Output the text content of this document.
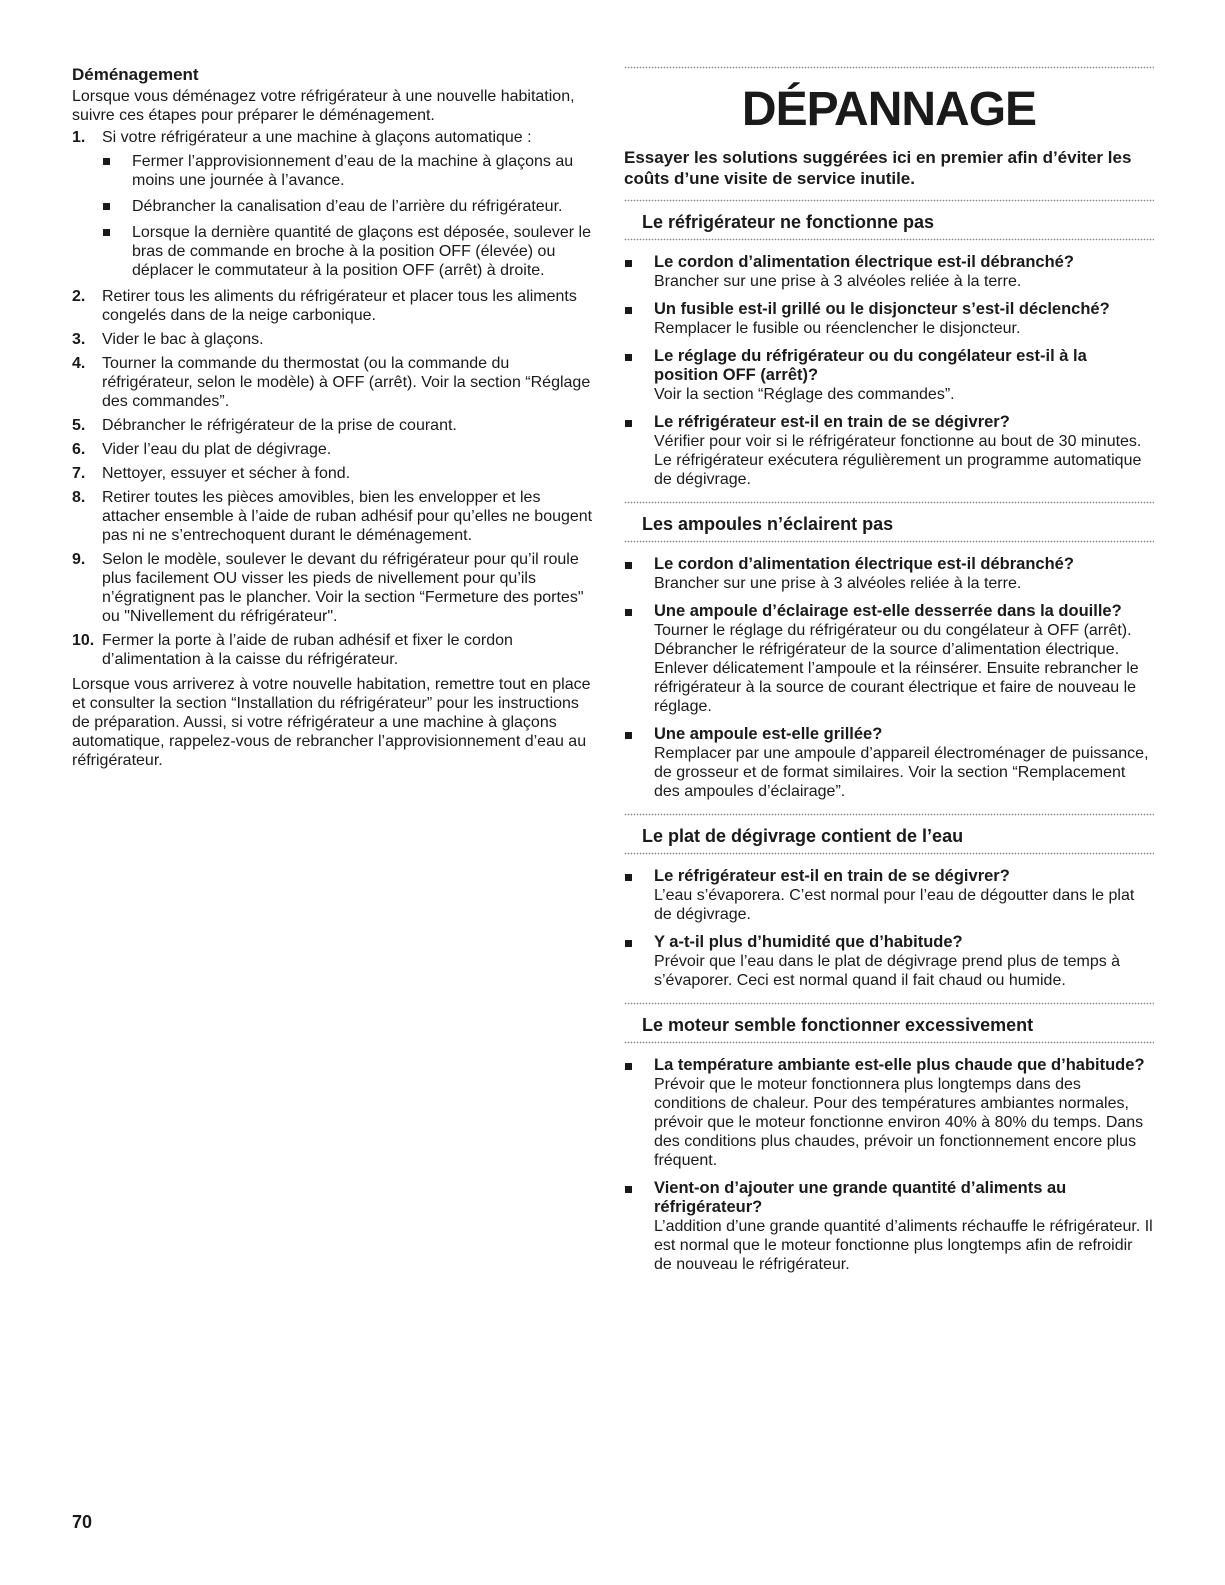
Déménagement

Lorsque vous déménagez votre réfrigérateur à une nouvelle habitation, suivre ces étapes pour préparer le déménagement.

1. Si votre réfrigérateur a une machine à glaçons automatique :
Fermer l’approvisionnement d’eau de la machine à glaçons au moins une journée à l’avance.
Débrancher la canalisation d’eau de l’arrière du réfrigérateur.
Lorsque la dernière quantité de glaçons est déposée, soulever le bras de commande en broche à la position OFF (élevée) ou déplacer le commutateur à la position OFF (arrêt) à droite.
2. Retirer tous les aliments du réfrigérateur et placer tous les aliments congelés dans de la neige carbonique.
3. Vider le bac à glaçons.
4. Tourner la commande du thermostat (ou la commande du réfrigérateur, selon le modèle) à OFF (arrêt). Voir la section “Réglage des commandes”.
5. Débrancher le réfrigérateur de la prise de courant.
6. Vider l’eau du plat de dégivrage.
7. Nettoyer, essuyer et sécher à fond.
8. Retirer toutes les pièces amovibles, bien les envelopper et les attacher ensemble à l’aide de ruban adhésif pour qu’elles ne bougent pas ni ne s’entrechoquent durant le déménagement.
9. Selon le modèle, soulever le devant du réfrigérateur pour qu’il roule plus facilement OU visser les pieds de nivellement pour qu’ils n’égratignent pas le plancher. Voir la section “Fermeture des portes" ou "Nivellement du réfrigérateur".
10. Fermer la porte à l’aide de ruban adhésif et fixer le cordon d’alimentation à la caisse du réfrigérateur.

Lorsque vous arriverez à votre nouvelle habitation, remettre tout en place et consulter la section “Installation du réfrigérateur” pour les instructions de préparation. Aussi, si votre réfrigérateur a une machine à glaçons automatique, rappelez-vous de rebrancher l’approvisionnement d’eau au réfrigérateur.

DÉPANNAGE

Essayer les solutions suggérées ici en premier afin d’éviter les coûts d’une visite de service inutile.

Le réfrigérateur ne fonctionne pas
Le cordon d’alimentation électrique est-il débranché?
Brancher sur une prise à 3 alvéoles reliée à la terre.
Un fusible est-il grillé ou le disjoncteur s’est-il déclenché?
Remplacer le fusible ou réenclencher le disjoncteur.
Le réglage du réfrigérateur ou du congélateur est-il à la position OFF (arrêt)?
Voir la section “Réglage des commandes”.
Le réfrigérateur est-il en train de se dégivrer?
Vérifier pour voir si le réfrigérateur fonctionne au bout de 30 minutes. Le réfrigérateur exécutera régulièrement un programme automatique de dégivrage.
Les ampoules n’éclairent pas
Le cordon d’alimentation électrique est-il débranché?
Brancher sur une prise à 3 alvéoles reliée à la terre.
Une ampoule d’éclairage est-elle desserrée dans la douille?
Tourner le réglage du réfrigérateur ou du congélateur à OFF (arrêt). Débrancher le réfrigérateur de la source d’alimentation électrique. Enlever délicatement l’ampoule et la réinsérer. Ensuite rebrancher le réfrigérateur à la source de courant électrique et faire de nouveau le réglage.
Une ampoule est-elle grillée?
Remplacer par une ampoule d’appareil électroménager de puissance, de grosseur et de format similaires. Voir la section “Remplacement des ampoules d’éclairage”.
Le plat de dégivrage contient de l’eau
Le réfrigérateur est-il en train de se dégivrer?
L’eau s’évaporera. C’est normal pour l’eau de dégoutter dans le plat de dégivrage.
Y a-t-il plus d’humidité que d’habitude?
Prévoir que l’eau dans le plat de dégivrage prend plus de temps à s’évaporer. Ceci est normal quand il fait chaud ou humide.
Le moteur semble fonctionner excessivement
La température ambiante est-elle plus chaude que d’habitude?
Prévoir que le moteur fonctionnera plus longtemps dans des conditions de chaleur. Pour des températures ambiantes normales, prévoir que le moteur fonctionne environ 40% à 80% du temps. Dans des conditions plus chaudes, prévoir un fonctionnement encore plus fréquent.
Vient-on d’ajouter une grande quantité d’aliments au réfrigérateur?
L’addition d’une grande quantité d’aliments réchauffe le réfrigérateur. Il est normal que le moteur fonctionne plus longtemps afin de refroidir de nouveau le réfrigérateur.
70
